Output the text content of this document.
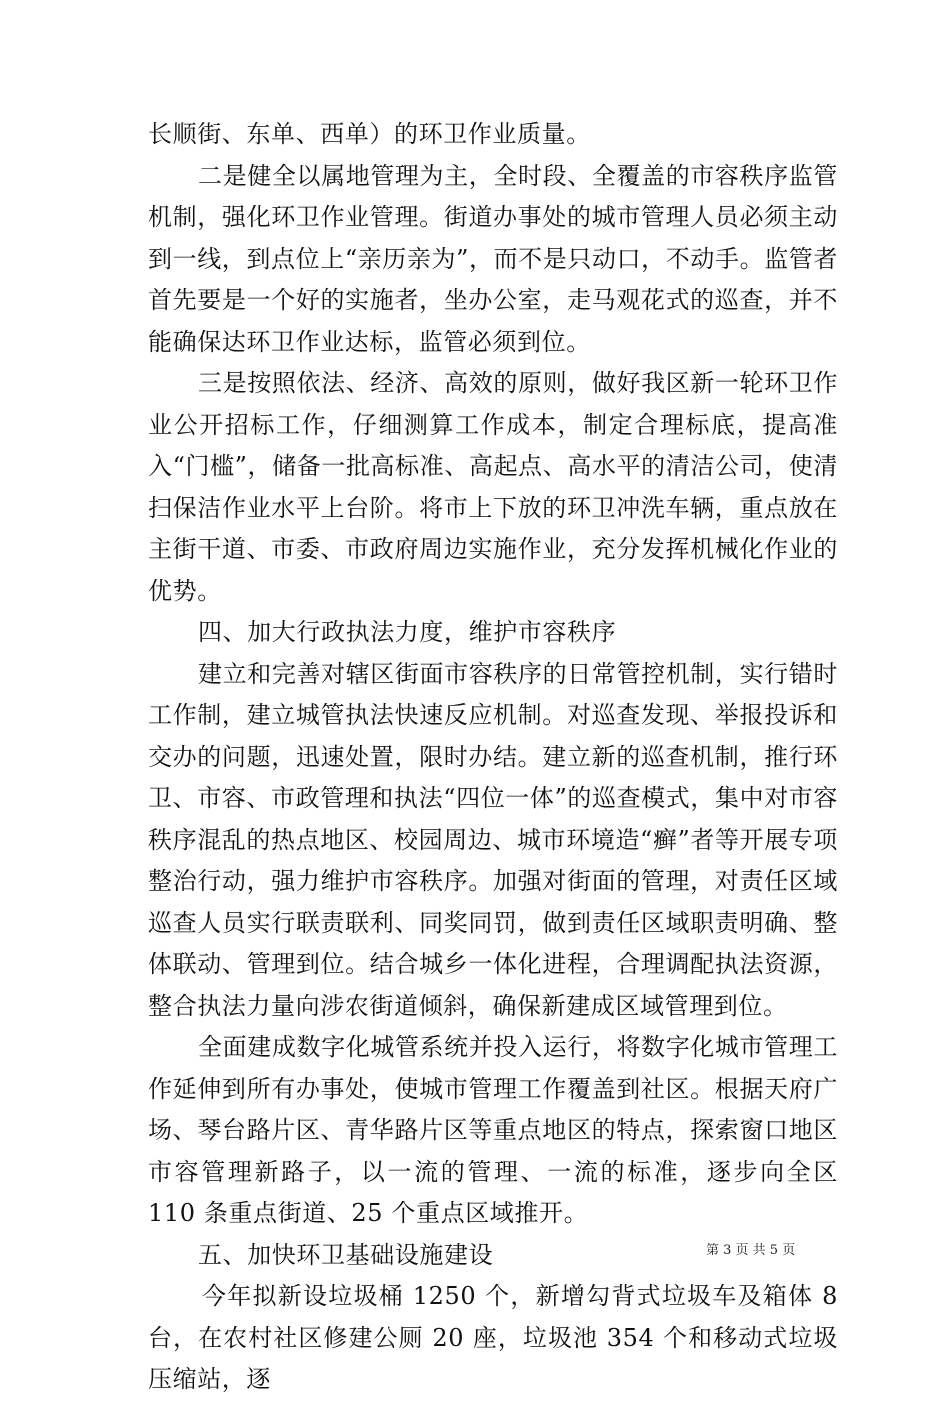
长顺街、东单、西单）的环卫作业质量。

二是健全以属地管理为主，全时段、全覆盖的市容秩序监管机制，强化环卫作业管理。街道办事处的城市管理人员必须主动到一线，到点位上“亲历亲为”，而不是只动口，不动手。监管者首先要是一个好的实施者，坐办公室，走马观花式的巡查，并不能确保达环卫作业达标，监管必须到位。

三是按照依法、经济、高效的原则，做好我区新一轮环卫作业公开招标工作，仔细测算工作成本，制定合理标底，提高准入“门槛”，储备一批高标准、高起点、高水平的清洁公司，使清扫保洁作业水平上台阶。将市上下放的环卫冲洗车辆，重点放在主街干道、市委、市政府周边实施作业，充分发挥机械化作业的优势。

四、加大行政执法力度，维护市容秩序

建立和完善对辖区街面市容秩序的日常管控机制，实行错时工作制，建立城管执法快速反应机制。对巡查发现、举报投诉和交办的问题，迅速处置，限时办结。建立新的巡查机制，推行环卫、市容、市政管理和执法“四位一体”的巡查模式，集中对市容秩序混乱的热点地区、校园周边、城市环境造“癣”者等开展专项整治行动，强力维护市容秩序。加强对街面的管理，对责任区域巡查人员实行联责联利、同奖同罚，做到责任区域职责明确、整体联动、管理到位。结合城乡一体化进程，合理调配执法资源，整合执法力量向涉农街道倾斜，确保新建成区域管理到位。

全面建成数字化城管系统并投入运行，将数字化城市管理工作延伸到所有办事处，使城市管理工作覆盖到社区。根据天府广场、琴台路片区、青华路片区等重点地区的特点，探索窗口地区市容管理新路子，以一流的管理、一流的标准，逐步向全区 110 条重点街道、25 个重点区域推开。

五、加快环卫基础设施建设

今年拟新设垃圾桶 1250 个，新增勾背式垃圾车及箱体 8 台，在农村社区修建公厕 20 座，垃圾池 354 个和移动式垃圾压缩站，逐

第 3 页 共 5 页
